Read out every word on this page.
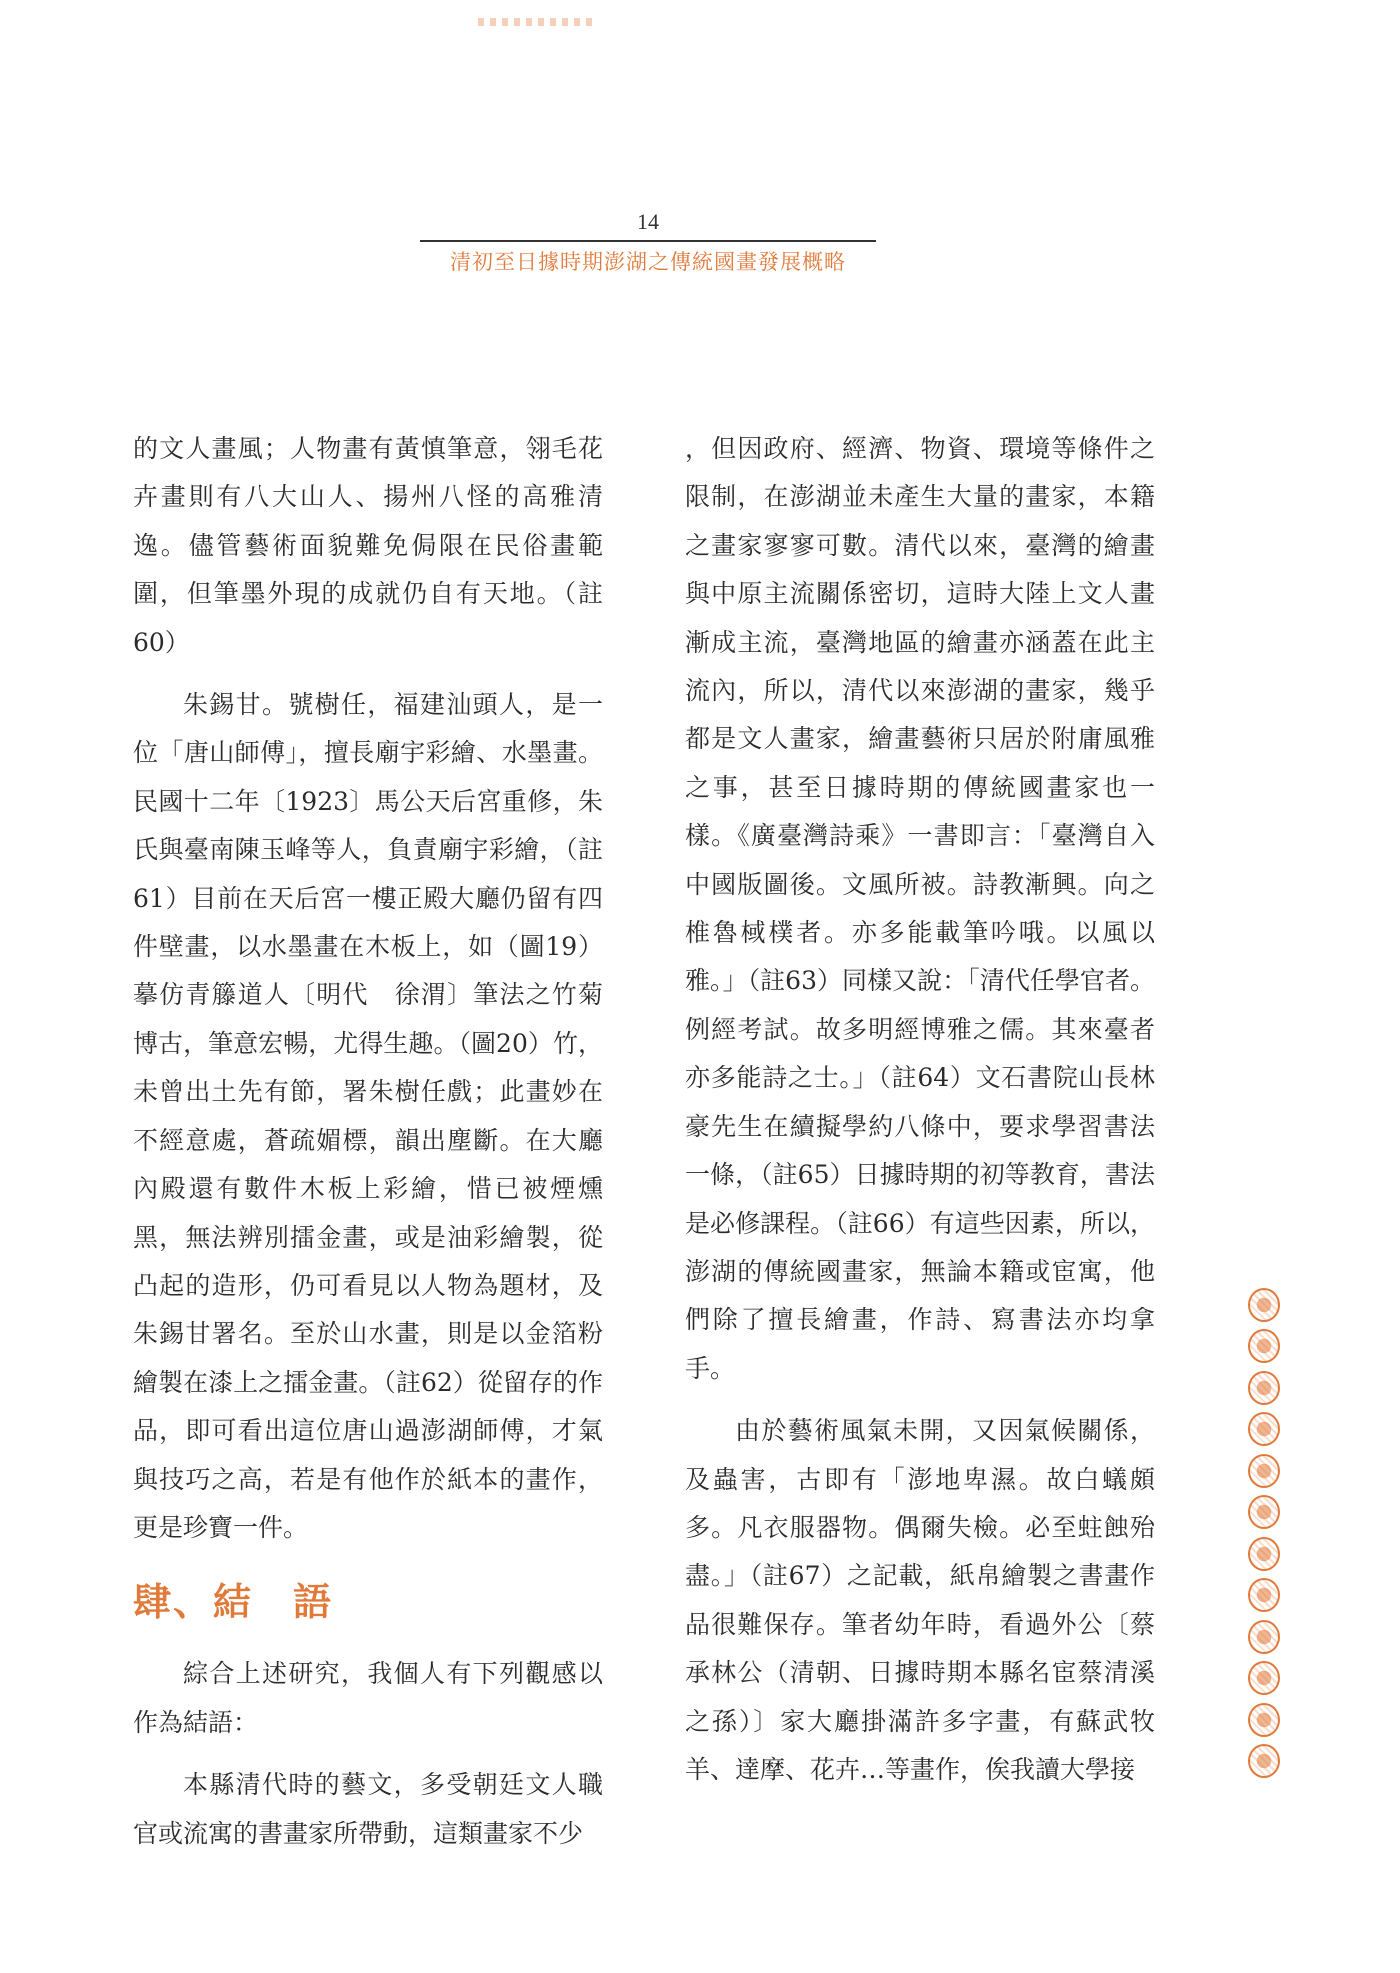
14
清初至日據時期澎湖之傳統國畫發展概略

的文人畫風；人物畫有黃慎筆意，翎毛花卉畫則有八大山人、揚州八怪的高雅清逸。儘管藝術面貌難免侷限在民俗畫範圍，但筆墨外現的成就仍自有天地。（註60）

朱錫甘。號樹任，福建汕頭人，是一位「唐山師傅」，擅長廟宇彩繪、水墨畫。民國十二年〔1923〕馬公天后宮重修，朱氏與臺南陳玉峰等人，負責廟宇彩繪，（註61）目前在天后宮一樓正殿大廳仍留有四件壁畫，以水墨畫在木板上，如（圖19）摹仿青籐道人〔明代　徐渭〕筆法之竹菊博古，筆意宏暢，尤得生趣。（圖20）竹，未曾出土先有節，署朱樹任戲；此畫妙在不經意處，蒼疏媚標，韻出塵斷。在大廳內殿還有數件木板上彩繪，惜已被煙燻黑，無法辨別擂金畫，或是油彩繪製，從凸起的造形，仍可看見以人物為題材，及朱錫甘署名。至於山水畫，則是以金箔粉繪製在漆上之擂金畫。（註62）從留存的作品，即可看出這位唐山過澎湖師傅，才氣與技巧之高，若是有他作於紙本的畫作，更是珍寶一件。

肆、結　語

綜合上述研究，我個人有下列觀感以作為結語：

本縣清代時的藝文，多受朝廷文人職官或流寓的書畫家所帶動，這類畫家不少

，但因政府、經濟、物資、環境等條件之限制，在澎湖並未產生大量的畫家，本籍之畫家寥寥可數。清代以來，臺灣的繪畫與中原主流關係密切，這時大陸上文人畫漸成主流，臺灣地區的繪畫亦涵蓋在此主流內，所以，清代以來澎湖的畫家，幾乎都是文人畫家，繪畫藝術只居於附庸風雅之事，甚至日據時期的傳統國畫家也一樣。《廣臺灣詩乘》一書即言：「臺灣自入中國版圖後。文風所被。詩教漸興。向之椎魯棫樸者。亦多能載筆吟哦。以風以雅。」（註63）同樣又說：「清代任學官者。例經考試。故多明經博雅之儒。其來臺者亦多能詩之士。」（註64）文石書院山長林豪先生在續擬學約八條中，要求學習書法一條，（註65）日據時期的初等教育，書法是必修課程。（註66）有這些因素，所以，澎湖的傳統國畫家，無論本籍或宦寓，他們除了擅長繪畫，作詩、寫書法亦均拿手。

由於藝術風氣未開，又因氣候關係，及蟲害，古即有「澎地卑濕。故白蟻頗多。凡衣服器物。偶爾失檢。必至蛀蝕殆盡。」（註67）之記載，紙帛繪製之書畫作品很難保存。筆者幼年時，看過外公〔蔡承林公（清朝、日據時期本縣名宦蔡清溪之孫）〕家大廳掛滿許多字畫，有蘇武牧羊、達摩、花卉…等畫作，俟我讀大學接
